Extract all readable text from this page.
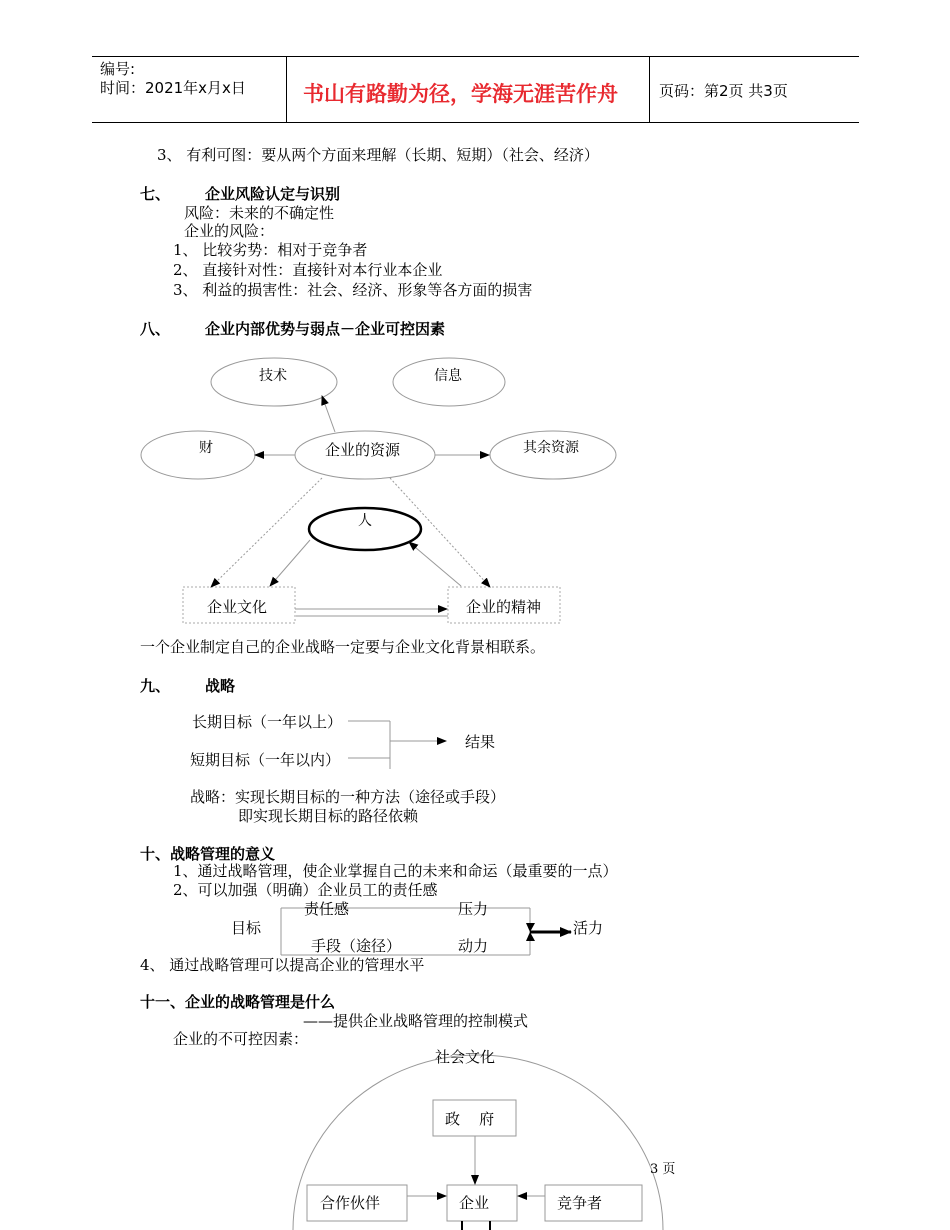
编号:
时间：2021年x月x日	书山有路勤为径，学海无涯苦作舟	页码：第2页 共3页
3、 有利可图：要从两个方面来理解（长期、短期）（社会、经济）
七、 企业风险认定与识别
风险：未来的不确定性
企业的风险：
1、 比较劣势：相对于竞争者
2、 直接针对性：直接针对本行业本企业
3、 利益的损害性：社会、经济、形象等各方面的损害
八、 企业内部优势与弱点－企业可控因素
技术	信息
财	企业的资源	其余资源
人
企业文化	企业的精神
一个企业制定自己的企业战略一定要与企业文化背景相联系。
九、 战略
长期目标（一年以上）
短期目标（一年以内）
结果
战略：实现长期目标的一种方法（途径或手段）
即实现长期目标的路径依赖
十、战略管理的意义
1、通过战略管理，使企业掌握自己的未来和命运（最重要的一点）
2、可以加强（明确）企业员工的责任感
目标
责任感	压力
手段（途径）	动力
活力
4、 通过战略管理可以提高企业的管理水平
十一、企业的战略管理是什么
——提供企业战略管理的控制模式
企业的不可控因素：
社会文化
政    府
合作伙伴	企业	竞争者
3 页
